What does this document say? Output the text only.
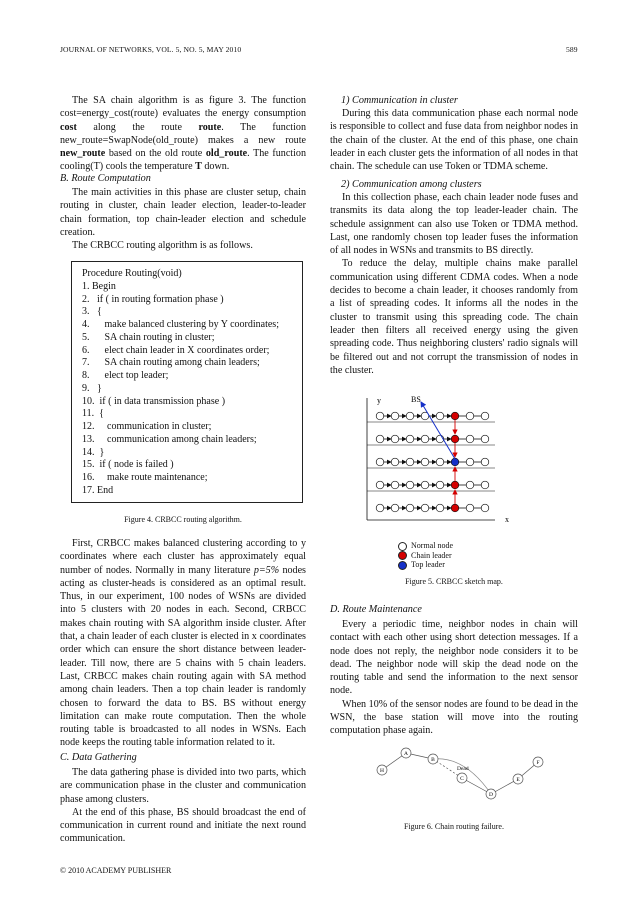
JOURNAL OF NETWORKS, VOL. 5, NO. 5, MAY 2010	589

The SA chain algorithm is as figure 3. The function cost=energy_cost(route) evaluates the energy consumption cost along the route route. The function new_route=SwapNode(old_route) makes a new route new_route based on the old route old_route. The function cooling(T) cools the temperature T down.

B. Route Computation

The main activities in this phase are cluster setup, chain routing in cluster, chain leader election, leader-to-leader chain formation, top chain-leader election and schedule creation.

The CRBCC routing algorithm is as follows.

Procedure Routing(void)
1. Begin
2.   if ( in routing formation phase )
3.   {
4.      make balanced clustering by Y coordinates;
5.      SA chain routing in cluster;
6.      elect chain leader in X coordinates order;
7.      SA chain routing among chain leaders;
8.      elect top leader;
9.   }
10.  if ( in data transmission phase )
11.  {
12.     communication in cluster;
13.     communication among chain leaders;
14.  }
15.  if ( node is failed )
16.     make route maintenance;
17. End
Figure 4. CRBCC routing algorithm.

First, CRBCC makes balanced clustering according to y coordinates where each cluster has approximately equal number of nodes. Normally in many literature p=5% nodes acting as cluster-heads is considered as an optimal result. Thus, in our experiment, 100 nodes of WSNs are divided into 5 clusters with 20 nodes in each. Second, CRBCC makes chain routing with SA algorithm inside cluster. After that, a chain leader of each cluster is elected in x coordinates order which can ensure the short distance between leader-leader. Till now, there are 5 chains with 5 chain leaders. Last, CRBCC makes chain routing again with SA method among chain leaders. Then a top chain leader is randomly chosen to forward the data to BS. BS without energy limitation can make route computation. Then the whole routing table is broadcasted to all nodes in WSNs. Each node keeps the routing table information related to it.

C. Data Gathering

The data gathering phase is divided into two parts, which are communication phase in the cluster and communication phase among clusters.

At the end of this phase, BS should broadcast the end of communication in current round and initiate the next round communication.

1) Communication in cluster

During this data communication phase each normal node is responsible to collect and fuse data from neighbor nodes in the chain of the cluster. At the end of this phase, one chain leader in each cluster gets the information of all nodes in that chain. The schedule can use Token or TDMA scheme.

2) Communication among clusters

In this collection phase, each chain leader node fuses and transmits its data along the top leader-leader chain. The schedule assignment can also use Token or TDMA method. Last, one randomly chosen top leader fuses the information of all nodes in WSNs and transmits to BS directly.

To reduce the delay, multiple chains make parallel communication using different CDMA codes. When a node decides to become a chain leader, it chooses randomly from a list of spreading codes. It informs all the nodes in the cluster to transmit using this spreading code. The chain leader then filters all received energy using the given spreading code. Thus neighboring clusters' radio signals will be filtered out and not corrupt the transmission of nodes in the cluster.

y
x
BS
Normal node
Chain leader
Top leader
Figure 5. CRBCC sketch map.
D. Route Maintenance

Every a periodic time, neighbor nodes in chain will contact with each other using short detection messages. If a node does not reply, the neighbor node considers it to be dead. The neighbor node will skip the dead node on the routing table and send the information to the next sensor node.

When 10% of the sensor nodes are found to be dead in the WSN, the base station will move into the routing computation phase again.

A
B	F
H
C	E
D
Dead
Figure 6. Chain routing failure.
© 2010 ACADEMY PUBLISHER
